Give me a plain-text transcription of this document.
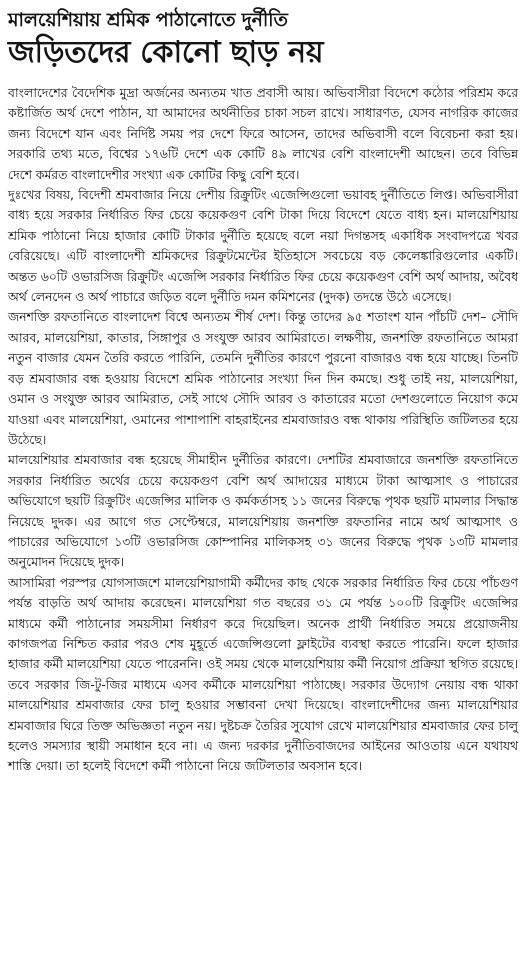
মালয়েশিয়ায় শ্রমিক পাঠানোতে দুর্নীতি
জড়িতদের কোনো ছাড় নয়

বাংলাদেশের বৈদেশিক মুদ্রা অর্জনের অন্যতম খাত প্রবাসী আয়। অভিবাসীরা বিদেশে কঠোর পরিশ্রম করে কষ্টার্জিত অর্থ দেশে পাঠান, যা আমাদের অর্থনীতির চাকা সচল রাখে। সাধারণত, যেসব নাগরিক কাজের জন্য বিদেশে যান এবং নির্দিষ্ট সময় পর দেশে ফিরে আসেন, তাদের অভিবাসী বলে বিবেচনা করা হয়। সরকারি তথ্য মতে, বিশ্বের ১৭৬টি দেশে এক কোটি ৪৯ লাখের বেশি বাংলাদেশী আছেন। তবে বিভিন্ন দেশে কর্মরত বাংলাদেশীর সংখ্যা এক কোটির কিছু বেশি হবে।

দুঃখের বিষয়, বিদেশী শ্রমবাজার নিয়ে দেশীয় রিক্রুটিং এজেন্সিগুলো ভয়াবহ দুর্নীতিতে লিপ্ত। অভিবাসীরা বাধ্য হয়ে সরকার নির্ধারিত ফির চেয়ে কয়েকগুণ বেশি টাকা দিয়ে বিদেশে যেতে বাধ্য হন। মালয়েশিয়ায় শ্রমিক পাঠানো নিয়ে হাজার কোটি টাকার দুর্নীতি হয়েছে বলে নয়া দিগন্তসহ একাধিক সংবাদপত্রে খবর বেরিয়েছে। এটি বাংলাদেশী শ্রমিকদের রিক্রুটমেন্টের ইতিহাসে সবচেয়ে বড় কেলেঙ্কারিগুলোর একটি। অন্তত ৬০টি ওভারসিজ রিক্রুটিং এজেন্সি সরকার নির্ধারিত ফির চেয়ে কয়েকগুণ বেশি অর্থ আদায়, অবৈধ অর্থ লেনদেন ও অর্থ পাচারে জড়িত বলে দুর্নীতি দমন কমিশনের (দুদক) তদন্তে উঠে এসেছে।

জনশক্তি রফতানিতে বাংলাদেশ বিশ্বে অন্যতম শীর্ষ দেশ। কিন্তু তাদের ৯৫ শতাংশ যান পাঁচটি দেশ– সৌদি আরব, মালয়েশিয়া, কাতার, সিঙ্গাপুর ও সংযুক্ত আরব আমিরাতে। লক্ষণীয়, জনশক্তি রফতানিতে আমরা নতুন বাজার যেমন তৈরি করতে পারিনি, তেমনি দুর্নীতির কারণে পুরনো বাজারও বন্ধ হয়ে যাচ্ছে। তিনটি বড় শ্রমবাজার বন্ধ হওয়ায় বিদেশে শ্রমিক পাঠানোর সংখ্যা দিন দিন কমছে। শুধু তাই নয়, মালয়েশিয়া, ওমান ও সংযুক্ত আরব আমিরাত, সেই সাথে সৌদি আরব ও কাতারের মতো দেশগুলোতে নিয়োগ কমে যাওয়া এবং মালয়েশিয়া, ওমানের পাশাপাশি বাহরাইনের শ্রমবাজারও বন্ধ থাকায় পরিস্থিতি জটিলতর হয়ে উঠেছে।

মালয়েশিয়ার শ্রমবাজার বন্ধ হয়েছে সীমাহীন দুর্নীতির কারণে। দেশটির শ্রমবাজারে জনশক্তি রফতানিতে সরকার নির্ধারিত অর্থের চেয়ে কয়েকগুণ বেশি অর্থ আদায়ের মাধ্যমে টাকা আত্মসাৎ ও পাচারের অভিযোগে ছয়টি রিক্রুটিং এজেন্সির মালিক ও কর্মকর্তাসহ ১১ জনের বিরুদ্ধে পৃথক ছয়টি মামলার সিদ্ধান্ত নিয়েছে দুদক। এর আগে গত সেপ্টেম্বরে, মালয়েশিয়ায় জনশক্তি রফতানির নামে অর্থ আত্মসাৎ ও পাচারের অভিযোগে ১৩টি ওভারসিজ কোম্পানির মালিকসহ ৩১ জনের বিরুদ্ধে পৃথক ১৩টি মামলার অনুমোদন দিয়েছে দুদক।

আসামিরা পরস্পর যোগসাজশে মালয়েশিয়াগামী কর্মীদের কাছ থেকে সরকার নির্ধারিত ফির চেয়ে পাঁচগুণ পর্যন্ত বাড়তি অর্থ আদায় করেছেন। মালয়েশিয়া গত বছরের ৩১ মে পর্যন্ত ১০০টি রিক্রুটিং এজেন্সির মাধ্যমে কর্মী পাঠানোর সময়সীমা নির্ধারণ করে দিয়েছিল। অনেক প্রার্থী নির্ধারিত সময়ে প্রয়োজনীয় কাগজপত্র নিশ্চিত করার পরও শেষ মুহূর্তে এজেন্সিগুলো ফ্লাইটের ব্যবস্থা করতে পারেনি। ফলে হাজার হাজার কর্মী মালয়েশিয়া যেতে পারেননি। ওই সময় থেকে মালয়েশিয়ায় কর্মী নিয়োগ প্রক্রিয়া স্থগিত রয়েছে। তবে সরকার জি-টু-জির মাধ্যমে এসব কর্মীকে মালয়েশিয়া পাঠাচ্ছে। সরকার উদ্যোগ নেয়ায় বন্ধ থাকা মালয়েশিয়ার শ্রমবাজার ফের চালু হওয়ার সম্ভাবনা দেখা দিয়েছে। বাংলাদেশীদের জন্য মালয়েশিয়ার শ্রমবাজার ঘিরে তিক্ত অভিজ্ঞতা নতুন নয়। দুষ্টচক্র তৈরির সুযোগ রেখে মালয়েশিয়ার শ্রমবাজার ফের চালু হলেও সমস্যার স্থায়ী সমাধান হবে না। এ জন্য দরকার দুর্নীতিবাজদের আইনের আওতায় এনে যথাযথ শাস্তি দেয়া। তা হলেই বিদেশে কর্মী পাঠানো নিয়ে জটিলতার অবসান হবে।
